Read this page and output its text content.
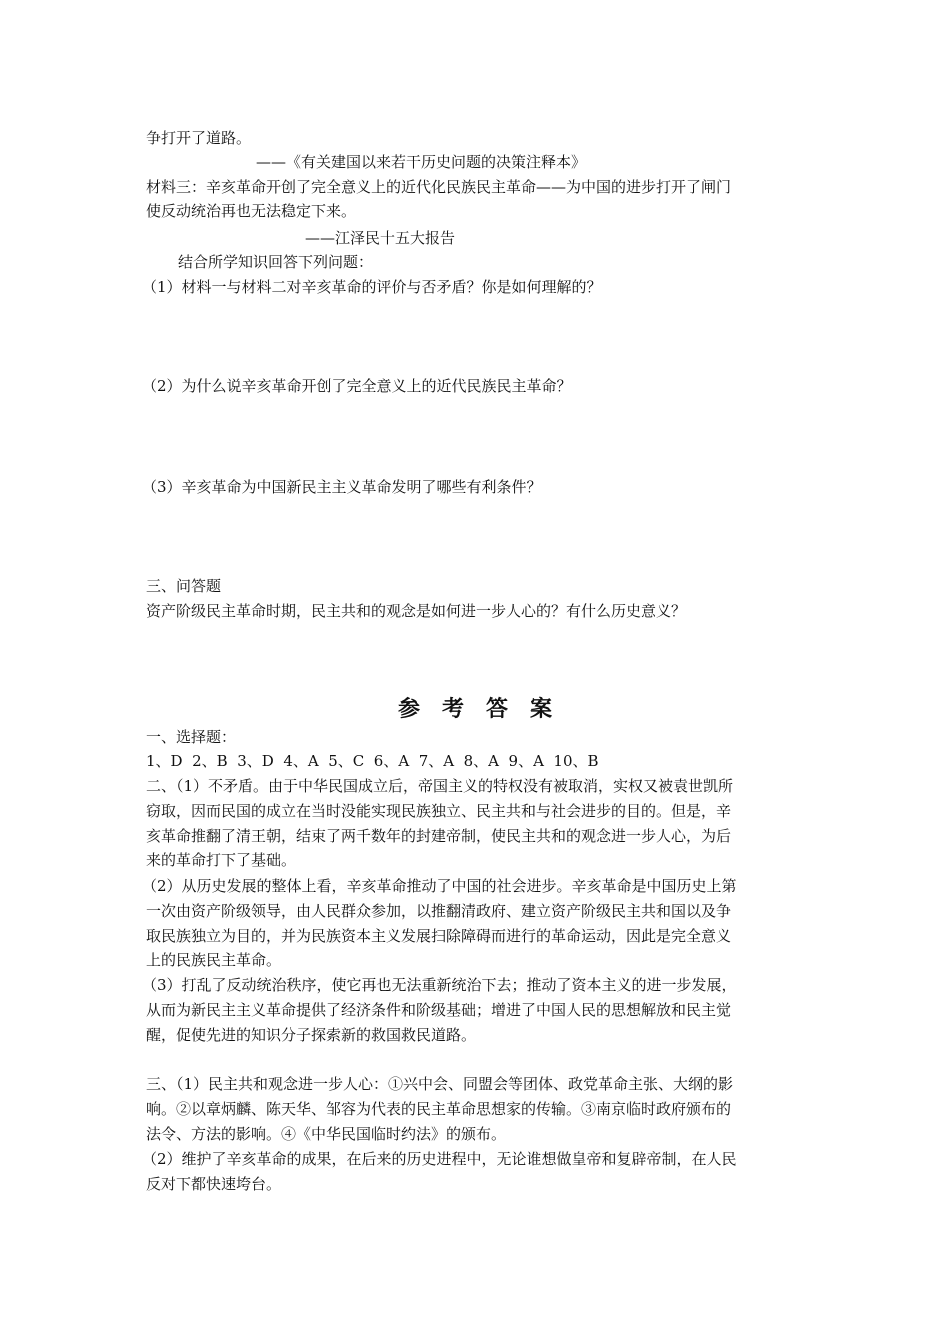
争打开了道路。
——《有关建国以来若干历史问题的决策注释本》
材料三：辛亥革命开创了完全意义上的近代化民族民主革命——为中国的进步打开了闸门
使反动统治再也无法稳定下来。
——江泽民十五大报告
结合所学知识回答下列问题：
（1）材料一与材料二对辛亥革命的评价与否矛盾？你是如何理解的？
（2）为什么说辛亥革命开创了完全意义上的近代民族民主革命？
（3）辛亥革命为中国新民主主义革命发明了哪些有利条件？
三、问答题
资产阶级民主革命时期，民主共和的观念是如何进一步人心的？有什么历史意义？
参考答案
一、选择题：
1、D  2、B  3、D  4、A  5、C  6、A  7、A  8、A  9、A  10、B
二、（1）不矛盾。由于中华民国成立后，帝国主义的特权没有被取消，实权又被袁世凯所
窃取，因而民国的成立在当时没能实现民族独立、民主共和与社会进步的目的。但是，辛
亥革命推翻了清王朝，结束了两千数年的封建帝制，使民主共和的观念进一步人心，为后
来的革命打下了基础。
（2）从历史发展的整体上看，辛亥革命推动了中国的社会进步。辛亥革命是中国历史上第
一次由资产阶级领导，由人民群众参加，以推翻清政府、建立资产阶级民主共和国以及争
取民族独立为目的，并为民族资本主义发展扫除障碍而进行的革命运动，因此是完全意义
上的民族民主革命。
（3）打乱了反动统治秩序，使它再也无法重新统治下去；推动了资本主义的进一步发展，
从而为新民主主义革命提供了经济条件和阶级基础；增进了中国人民的思想解放和民主觉
醒，促使先进的知识分子探索新的救国救民道路。
三、（1）民主共和观念进一步人心：①兴中会、同盟会等团体、政党革命主张、大纲的影
响。②以章炳麟、陈天华、邹容为代表的民主革命思想家的传输。③南京临时政府颁布的
法令、方法的影响。④《中华民国临时约法》的颁布。
（2）维护了辛亥革命的成果，在后来的历史进程中，无论谁想做皇帝和复辟帝制，在人民
反对下都快速垮台。
